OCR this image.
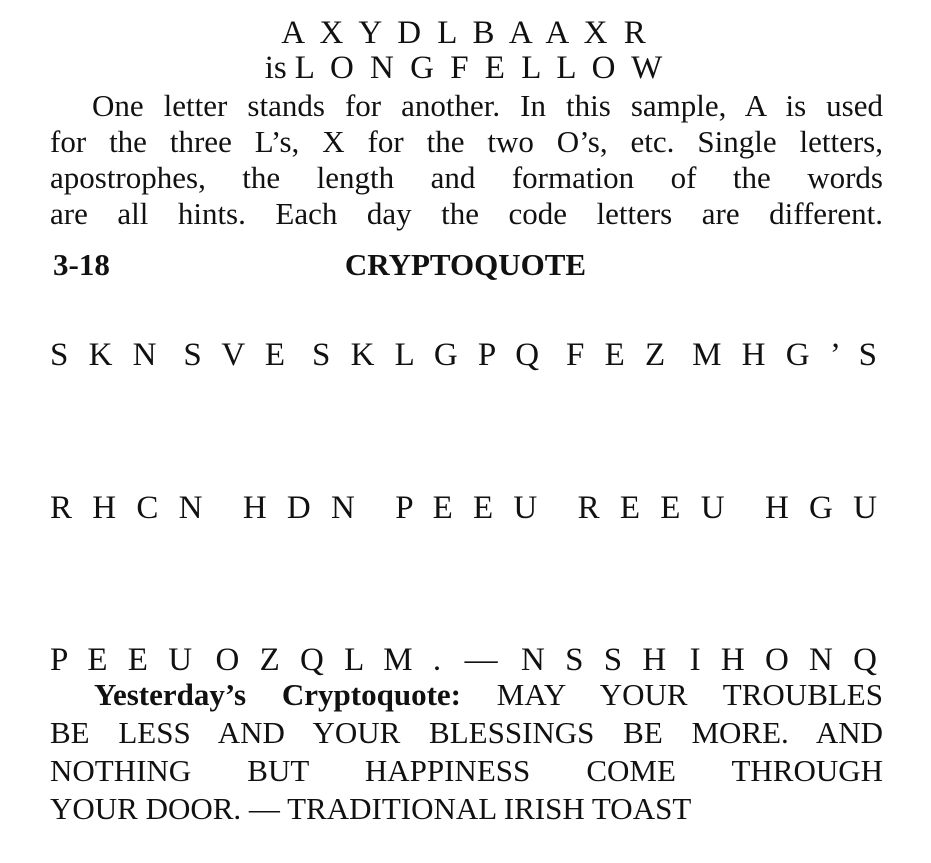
A X Y D L B A A X R
is L O N G F E L L O W
One letter stands for another. In this sample, A is used
for the three L’s, X for the two O’s, etc. Single letters,
apostrophes, the length and formation of the words
are all hints. Each day the code letters are different.
CRYPTOQUOTE
3-18
S K N S V E S K L G P Q F E Z M H G ’ S
R H C N H D N P E E U R E E U H G U
P E E U O Z Q L M . — N S S H I H O N Q
Yesterday’s Cryptoquote: MAY YOUR TROUBLES
BE LESS AND YOUR BLESSINGS BE MORE. AND
NOTHING BUT HAPPINESS COME THROUGH
YOUR DOOR. — TRADITIONAL IRISH TOAST
